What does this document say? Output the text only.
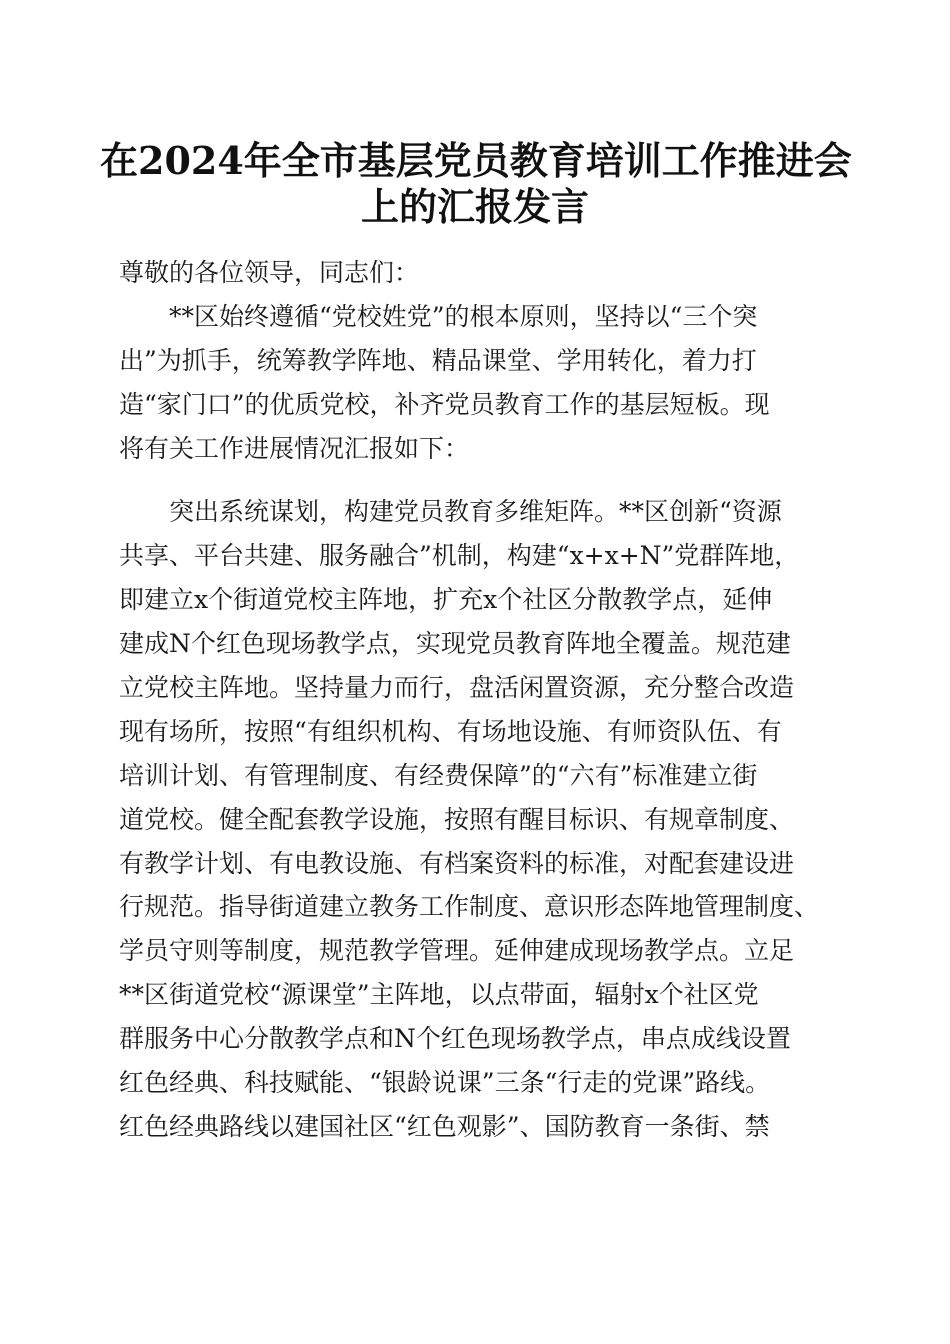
在2024年全市基层党员教育培训工作推进会
上的汇报发言
尊敬的各位领导，同志们：
**区始终遵循“党校姓党”的根本原则，坚持以“三个突
出”为抓手，统筹教学阵地、精品课堂、学用转化，着力打
造“家门口”的优质党校，补齐党员教育工作的基层短板。现
将有关工作进展情况汇报如下：
突出系统谋划，构建党员教育多维矩阵。**区创新“资源
共享、平台共建、服务融合”机制，构建“x+x+N”党群阵地，
即建立x个街道党校主阵地，扩充x个社区分散教学点，延伸
建成N个红色现场教学点，实现党员教育阵地全覆盖。规范建
立党校主阵地。坚持量力而行，盘活闲置资源，充分整合改造
现有场所，按照“有组织机构、有场地设施、有师资队伍、有
培训计划、有管理制度、有经费保障”的“六有”标准建立街
道党校。健全配套教学设施，按照有醒目标识、有规章制度、
有教学计划、有电教设施、有档案资料的标准，对配套建设进
行规范。指导街道建立教务工作制度、意识形态阵地管理制度、
学员守则等制度，规范教学管理。延伸建成现场教学点。立足
**区街道党校“源课堂”主阵地，以点带面，辐射x个社区党
群服务中心分散教学点和N个红色现场教学点，串点成线设置
红色经典、科技赋能、“银龄说课”三条“行走的党课”路线。
红色经典路线以建国社区“红色观影”、国防教育一条街、禁
